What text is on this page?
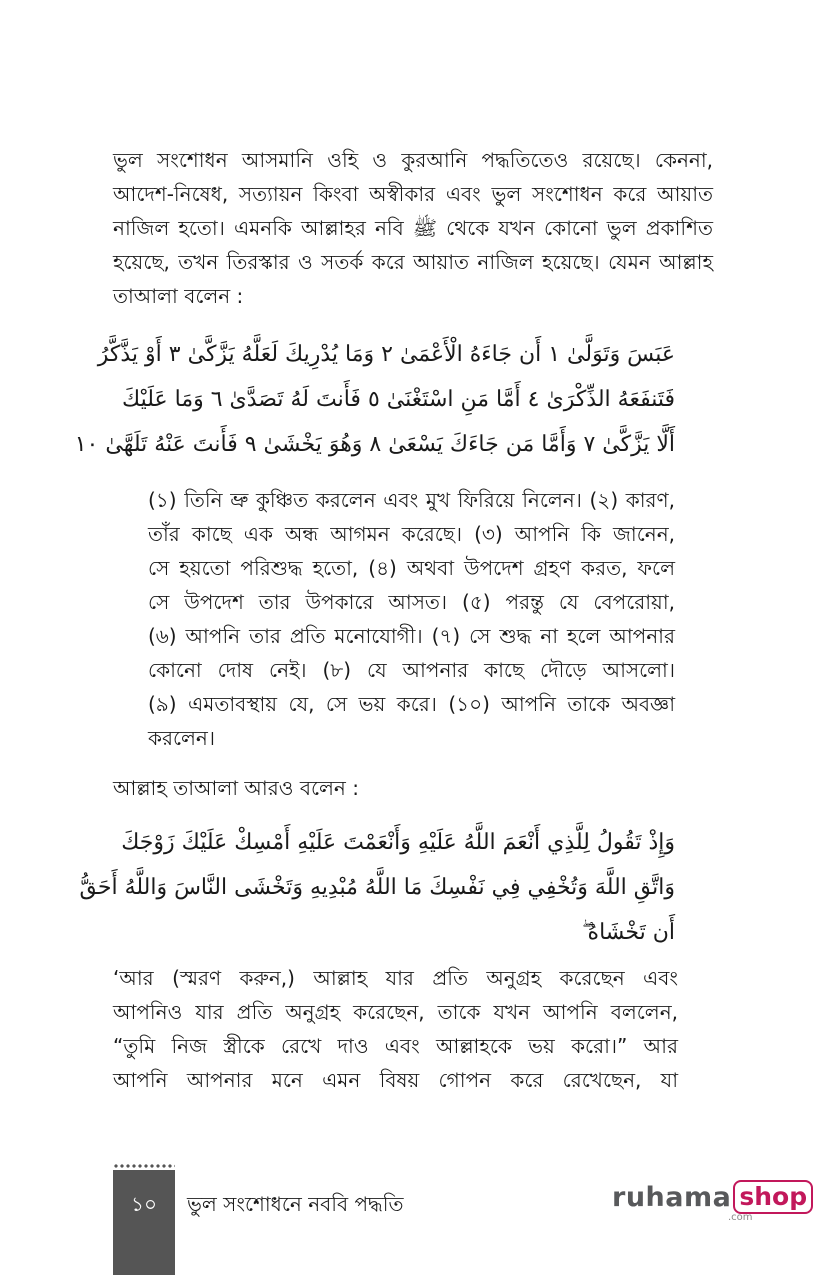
ভুল সংশোধন আসমানি ওহি ও কুরআনি পদ্ধতিতেও রয়েছে। কেননা,
আদেশ-নিষেধ, সত্যায়ন কিংবা অস্বীকার এবং ভুল সংশোধন করে আয়াত
নাজিল হতো। এমনকি আল্লাহর নবি ﷺ থেকে যখন কোনো ভুল প্রকাশিত
হয়েছে, তখন তিরস্কার ও সতর্ক করে আয়াত নাজিল হয়েছে। যেমন আল্লাহ
তাআলা বলেন :
عَبَسَ وَتَوَلَّىٰ ١ أَن جَاءَهُ الْأَعْمَىٰ ٢ وَمَا يُدْرِيكَ لَعَلَّهُ يَزَّكَّىٰ ٣ أَوْ يَذَّكَّرُ
فَتَنفَعَهُ الذِّكْرَىٰ ٤ أَمَّا مَنِ اسْتَغْنَىٰ ٥ فَأَنتَ لَهُ تَصَدَّىٰ ٦ وَمَا عَلَيْكَ
أَلَّا يَزَّكَّىٰ ٧ وَأَمَّا مَن جَاءَكَ يَسْعَىٰ ٨ وَهُوَ يَخْشَىٰ ٩ فَأَنتَ عَنْهُ تَلَهَّىٰ ١٠
(১) তিনি ভ্রু কুঞ্চিত করলেন এবং মুখ ফিরিয়ে নিলেন। (২) কারণ,
তাঁর কাছে এক অন্ধ আগমন করেছে। (৩) আপনি কি জানেন,
সে হয়তো পরিশুদ্ধ হতো, (৪) অথবা উপদেশ গ্রহণ করত, ফলে
সে উপদেশ তার উপকারে আসত। (৫) পরন্তু যে বেপরোয়া,
(৬) আপনি তার প্রতি মনোযোগী। (৭) সে শুদ্ধ না হলে আপনার
কোনো দোষ নেই। (৮) যে আপনার কাছে দৌড়ে আসলো।
(৯) এমতাবস্থায় যে, সে ভয় করে। (১০) আপনি তাকে অবজ্ঞা
করলেন।
আল্লাহ তাআলা আরও বলেন :
وَإِذْ تَقُولُ لِلَّذِي أَنْعَمَ اللَّهُ عَلَيْهِ وَأَنْعَمْتَ عَلَيْهِ أَمْسِكْ عَلَيْكَ زَوْجَكَ
وَاتَّقِ اللَّهَ وَتُخْفِي فِي نَفْسِكَ مَا اللَّهُ مُبْدِيهِ وَتَخْشَى النَّاسَ وَاللَّهُ أَحَقُّ
أَن تَخْشَاهُ ۖ
‘আর (স্মরণ করুন,) আল্লাহ যার প্রতি অনুগ্রহ করেছেন এবং
আপনিও যার প্রতি অনুগ্রহ করেছেন, তাকে যখন আপনি বললেন,
“তুমি নিজ স্ত্রীকে রেখে দাও এবং আল্লাহকে ভয় করো।” আর
আপনি আপনার মনে এমন বিষয় গোপন করে রেখেছেন, যা
১০	ভুল সংশোধনে নববি পদ্ধতি	ruhama shop
.com
